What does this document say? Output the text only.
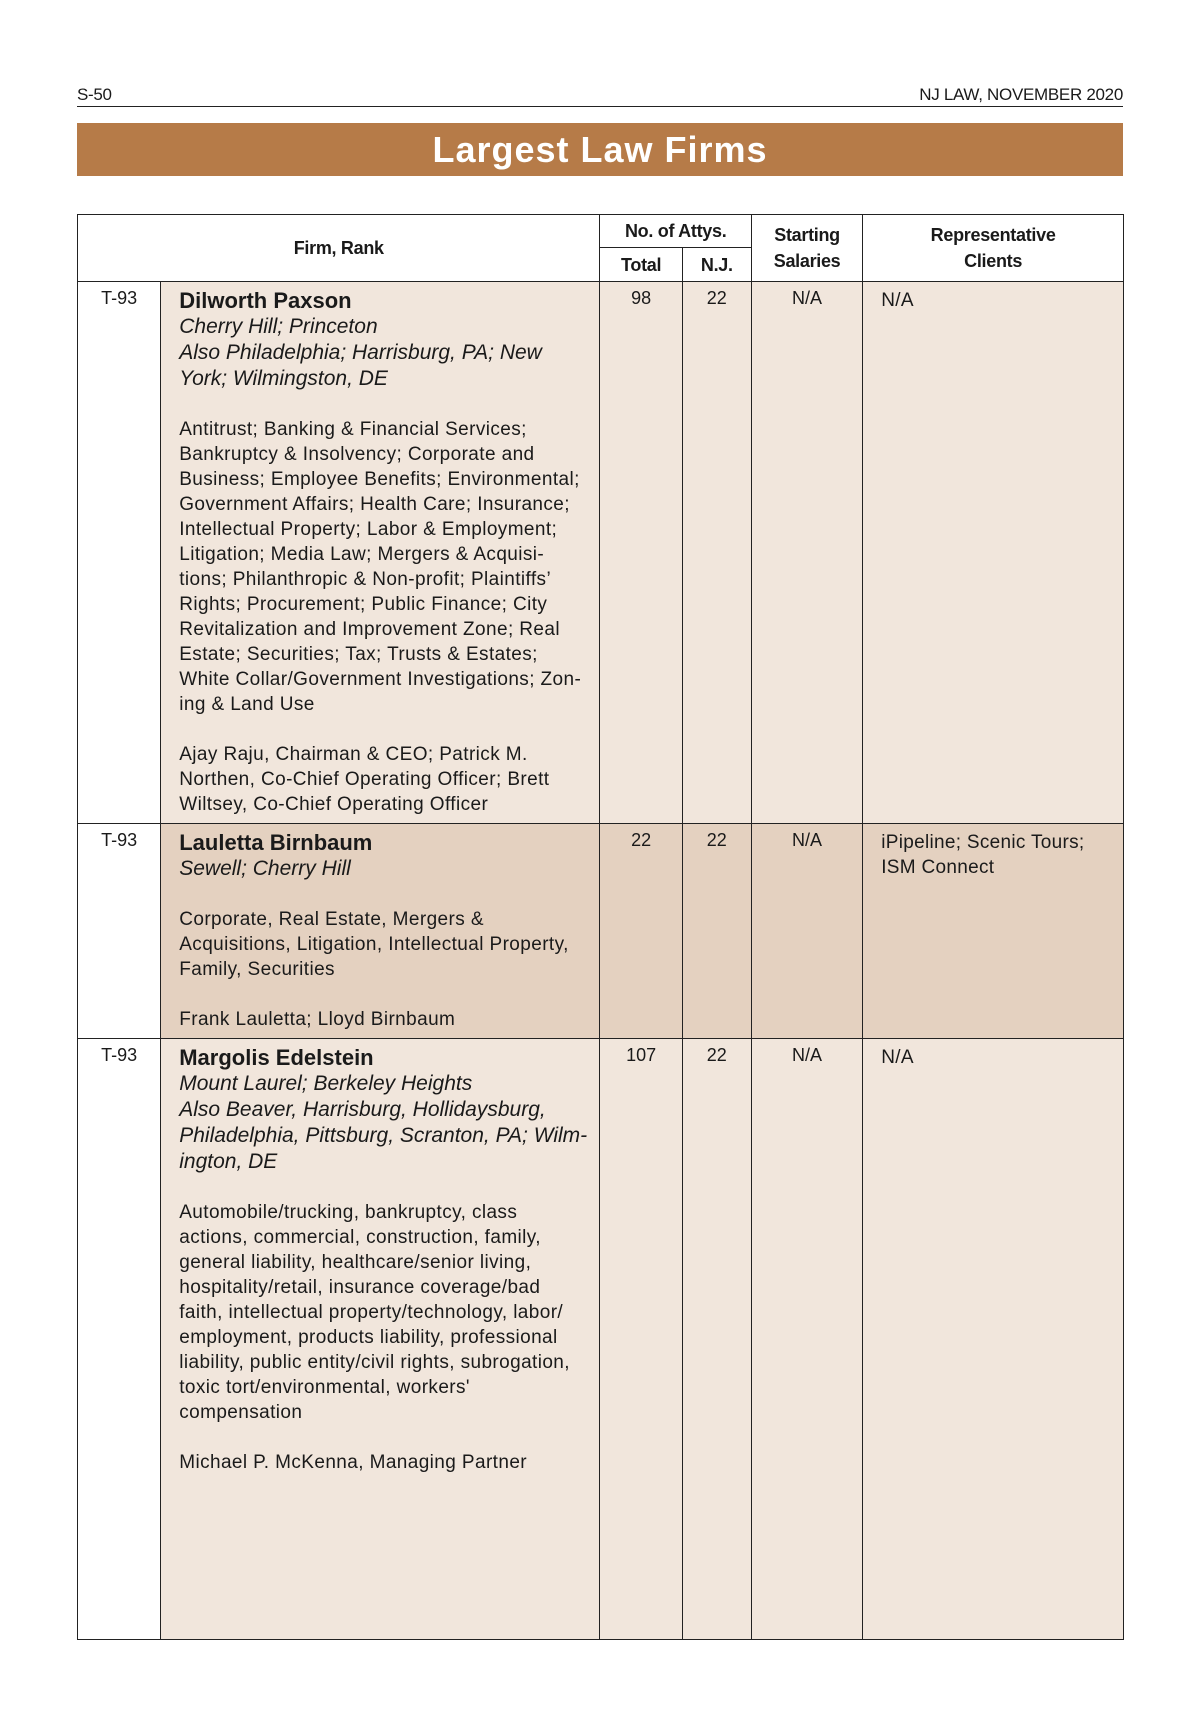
S-50	NJ LAW, NOVEMBER 2020
Largest Law Firms
Firm, Rank		No. of Attys.		Starting Salaries	Representative Clients
		Total	N.J.		
T-93	Dilworth Paxson
Cherry Hill; Princeton
Also Philadelphia; Harrisburg, PA; New York; Wilmingston, DE
Antitrust; Banking & Financial Services; Bankruptcy & Insolvency; Corporate and Business; Employee Benefits; Environmental; Government Affairs; Health Care; Insurance; Intellectual Property; Labor & Employment; Litigation; Media Law; Mergers & Acquisi-tions; Philanthropic & Non-profit; Plaintiffs’ Rights; Procurement; Public Finance; City Revitalization and Improvement Zone; Real Estate; Securities; Tax; Trusts & Estates; White Collar/Government Investigations; Zon-ing & Land Use
Ajay Raju, Chairman & CEO; Patrick M. Northen, Co-Chief Operating Officer; Brett Wiltsey, Co-Chief Operating Officer	98	22	N/A	N/A
T-93	Lauletta Birnbaum
Sewell; Cherry Hill
Corporate, Real Estate, Mergers & Acquisitions, Litigation, Intellectual Property, Family, Securities
Frank Lauletta; Lloyd Birnbaum	22	22	N/A	iPipeline; Scenic Tours; ISM Connect
T-93	Margolis Edelstein
Mount Laurel; Berkeley Heights
Also Beaver, Harrisburg, Hollidaysburg, Philadelphia, Pittsburg, Scranton, PA; Wilm-ington, DE
Automobile/trucking, bankruptcy, class actions, commercial, construction, family, general liability, healthcare/senior living, hospitality/retail, insurance coverage/bad faith, intellectual property/technology, labor/ employment, products liability, professional liability, public entity/civil rights, subrogation, toxic tort/environmental, workers' compensation
Michael P. McKenna, Managing Partner	107	22	N/A	N/A
